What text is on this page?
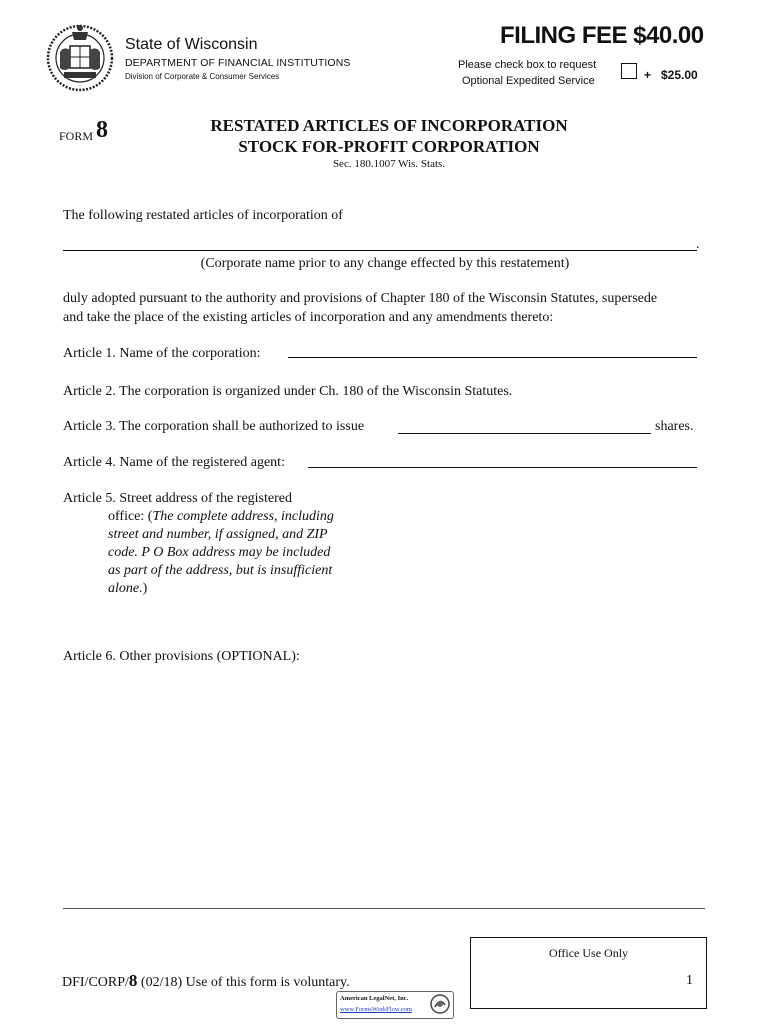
State of Wisconsin
DEPARTMENT OF FINANCIAL INSTITUTIONS
Division of Corporate & Consumer Services
FILING FEE $40.00
Please check box to request
Optional Expedited Service	+   $25.00
FORM 8	RESTATED ARTICLES OF INCORPORATION
STOCK FOR-PROFIT CORPORATION
Sec. 180.1007 Wis. Stats.
The following restated articles of incorporation of
.
(Corporate name prior to any change effected by this restatement)
duly adopted pursuant to the authority and provisions of Chapter 180 of the Wisconsin Statutes, supersede
and take the place of the existing articles of incorporation and any amendments thereto:
Article 1. Name of the corporation:
Article 2. The corporation is organized under Ch. 180 of the Wisconsin Statutes.
Article 3. The corporation shall be authorized to issue	shares.
Article 4. Name of the registered agent:
Article 5. Street address of the registered
office: (The complete address, including
street and number, if assigned, and ZIP
code. P O Box address may be included
as part of the address, but is insufficient
alone.)
Article 6. Other provisions (OPTIONAL):
Office Use Only
DFI/CORP/8 (02/18) Use of this form is voluntary.	1
American LegalNet, Inc.
www.FormsWorkFlow.com
